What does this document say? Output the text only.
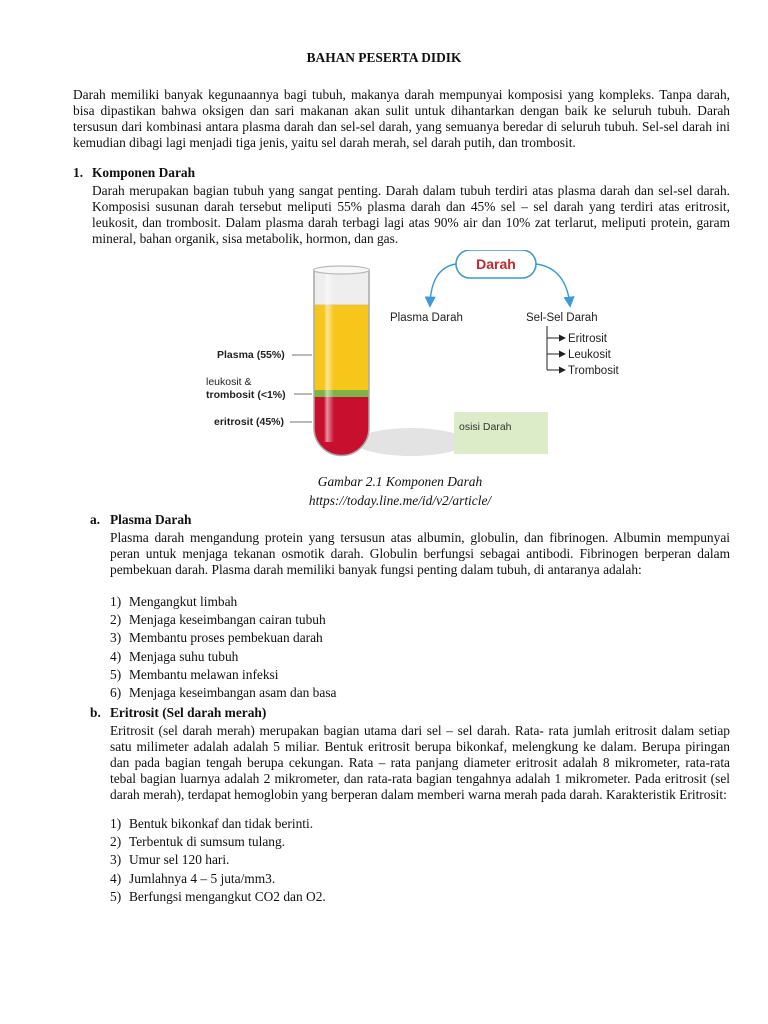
BAHAN PESERTA DIDIK

Darah memiliki banyak kegunaannya bagi tubuh, makanya darah mempunyai komposisi yang kompleks. Tanpa darah, bisa dipastikan bahwa oksigen dan sari makanan akan sulit untuk dihantarkan dengan baik ke seluruh tubuh. Darah tersusun dari kombinasi antara plasma darah dan sel-sel darah, yang semuanya beredar di seluruh tubuh. Sel-sel darah ini kemudian dibagi lagi menjadi tiga jenis, yaitu sel darah merah, sel darah putih, dan trombosit.

1. Komponen Darah

Darah merupakan bagian tubuh yang sangat penting. Darah dalam tubuh terdiri atas plasma darah dan sel-sel darah. Komposisi susunan darah tersebut meliputi 55% plasma darah dan 45% sel – sel darah yang terdiri atas eritrosit, leukosit, dan trombosit. Dalam plasma darah terbagi lagi atas 90% air dan 10% zat terlarut, meliputi protein, garam mineral, bahan organik, sisa metabolik, hormon, dan gas.

Plasma (55%)
leukosit &
trombosit (<1%)
eritrosit (45%)	osisi Darah
Darah
Plasma Darah	Sel-Sel Darah
Eritrosit
Leukosit
Trombosit

Gambar 2.1 Komponen Darah

https://today.line.me/id/v2/article/

a. Plasma Darah

Plasma darah mengandung protein yang tersusun atas albumin, globulin, dan fibrinogen. Albumin mempunyai peran untuk menjaga tekanan osmotik darah. Globulin berfungsi sebagai antibodi. Fibrinogen berperan dalam pembekuan darah. Plasma darah memiliki banyak fungsi penting dalam tubuh, di antaranya adalah:

1) Mengangkut limbah
2) Menjaga keseimbangan cairan tubuh
3) Membantu proses pembekuan darah
4) Menjaga suhu tubuh
5) Membantu melawan infeksi
6) Menjaga keseimbangan asam dan basa

b. Eritrosit (Sel darah merah)

Eritrosit (sel darah merah) merupakan bagian utama dari sel – sel darah. Rata- rata jumlah eritrosit dalam setiap satu milimeter adalah adalah 5 miliar. Bentuk eritrosit berupa bikonkaf, melengkung ke dalam. Berupa piringan dan pada bagian tengah berupa cekungan. Rata – rata panjang diameter eritrosit adalah 8 mikrometer, rata-rata tebal bagian luarnya adalah 2 mikrometer, dan rata-rata bagian tengahnya adalah 1 mikrometer. Pada eritrosit (sel darah merah), terdapat hemoglobin yang berperan dalam memberi warna merah pada darah. Karakteristik Eritrosit:

1) Bentuk bikonkaf dan tidak berinti.
2) Terbentuk di sumsum tulang.
3) Umur sel 120 hari.
4) Jumlahnya 4 – 5 juta/mm3.
5) Berfungsi mengangkut CO2 dan O2.
